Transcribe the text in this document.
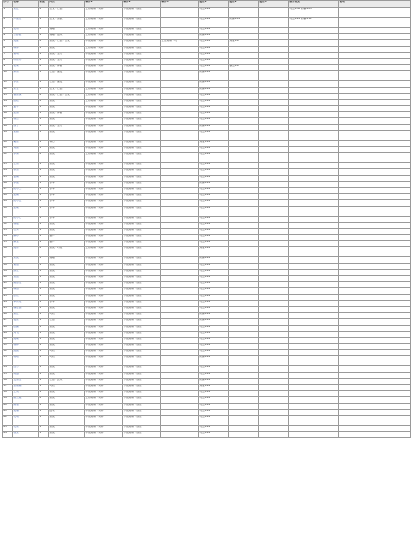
序号	名称	星级	阵营	羁绊1	羁绊2	羁绊3	属性1	属性2	属性3	额外效果	说明
1	宋江	2	忠义 · 仁德	上将同寨 · 对阵	下级同寨 · 巡逻		攻击+24			攻击+50 防御+25	
2	卢俊义	1	忠义 · 勇武	上将同寨 · 对阵	下级同寨 · 巡逻		攻击+24	防御+12		攻击+22 防御+11	
3	吴用	2	谋略	上将同寨 · 对阵	下级同寨 · 巡逻		攻击+24				
4	公孙胜	1	谋略 · 法术	上将同寨 · 对阵	下级同寨 · 巡逻		防御+24				
5	关胜	2	勇武 · 仁德 · 忠义	中级同寨 · 对阵	下级同寨 · 巡逻	上位同寨 · 攻	攻击+24	速度+6			
6	林冲	1	勇武	上将同寨 · 对阵	下级同寨 · 巡逻		攻击+24				
7	秦明	1	勇武 · 坚守	中级同寨 · 对阵	下级同寨 · 巡逻		攻击+24				
8	呼延灼	1	勇武 · 坚守	中级同寨 · 对阵	下级同寨 · 巡逻		攻击+24				
9	花荣	2	勇武 · 神射	中级同寨 · 对阵	下级同寨 · 巡逻		攻击+24	暴击+6			
10	柴进	1	仁德 · 富贵	中级同寨 · 对阵	下级同寨 · 巡逻		防御+24				
11	李应	1	仁德 · 富贵	中级同寨 · 对阵	下级同寨 · 巡逻		防御+24				
12	朱仝	1	忠义 · 仁德	上将同寨 · 对阵	下级同寨 · 巡逻		防御+24				
13	鲁智深	2	勇武 · 仁德 · 忠义	上将同寨 · 对阵	下级同寨 · 巡逻		攻击+24				
14	武松	2	勇武	上将同寨 · 对阵	下级同寨 · 巡逻		攻击+24				
15	董平	1	勇武	中级同寨 · 对阵	下级同寨 · 巡逻		攻击+24				
16	张清	1	勇武 · 神射	中级同寨 · 对阵	下级同寨 · 巡逻		攻击+24				
17	杨志	1	勇武	中级同寨 · 对阵	下级同寨 · 巡逻		攻击+24				
18	徐宁	1	勇武 · 坚守	中级同寨 · 对阵	下级同寨 · 巡逻		防御+24				
19	索超	1	勇武	中级同寨 · 对阵	下级同寨 · 巡逻		攻击+24				
20	戴宗	1	神行	中级同寨 · 对阵	下级同寨 · 巡逻		速度+24				
21	刘唐	1	勇武	中级同寨 · 对阵	下级同寨 · 巡逻		攻击+24				
22	李逵	2	勇武	上将同寨 · 对阵	下级同寨 · 巡逻		攻击+24				
23	史进	1	勇武	中级同寨 · 对阵	下级同寨 · 巡逻		攻击+24				
24	穆弘	1	勇武	中级同寨 · 对阵	下级同寨 · 巡逻		攻击+24				
25	雷横	1	勇武	中级同寨 · 对阵	下级同寨 · 巡逻		攻击+24				
26	李俊	1	水军	中级同寨 · 对阵	下级同寨 · 巡逻		防御+24				
27	阮小二	1	水军	中级同寨 · 对阵	下级同寨 · 巡逻		攻击+24				
28	张横	1	水军	中级同寨 · 对阵	下级同寨 · 巡逻		攻击+24				
29	阮小五	1	水军	中级同寨 · 对阵	下级同寨 · 巡逻		攻击+24				
30	张顺	1	水军	中级同寨 · 对阵	下级同寨 · 巡逻		攻击+24				
31	阮小七	1	水军	中级同寨 · 对阵	下级同寨 · 巡逻		攻击+24				
32	杨雄	1	勇武	中级同寨 · 对阵	下级同寨 · 巡逻		攻击+24				
33	石秀	1	勇武	中级同寨 · 对阵	下级同寨 · 巡逻		攻击+24				
34	解珍	1	猎户	中级同寨 · 对阵	下级同寨 · 巡逻		攻击+24				
35	解宝	1	猎户	中级同寨 · 对阵	下级同寨 · 巡逻		攻击+24				
36	燕青	2	勇武 · 巧技	上将同寨 · 对阵	下级同寨 · 巡逻		速度+24				
37	朱武	1	谋略	中级同寨 · 对阵	下级同寨 · 巡逻		防御+24				
38	黄信	1	勇武	中级同寨 · 对阵	下级同寨 · 巡逻		攻击+24				
39	孙立	1	勇武	中级同寨 · 对阵	下级同寨 · 巡逻		攻击+24				
40	宣赞	1	勇武	中级同寨 · 对阵	下级同寨 · 巡逻		攻击+24				
41	郝思文	1	勇武	中级同寨 · 对阵	下级同寨 · 巡逻		攻击+24				
42	韩滔	1	勇武	中级同寨 · 对阵	下级同寨 · 巡逻		攻击+24				
43	彭玘	1	勇武	中级同寨 · 对阵	下级同寨 · 巡逻		攻击+24				
44	单廷珪	1	水军	中级同寨 · 对阵	下级同寨 · 巡逻		攻击+24				
45	魏定国	1	勇武	中级同寨 · 对阵	下级同寨 · 巡逻		攻击+24				
46	萧让	1	巧技	中级同寨 · 对阵	下级同寨 · 巡逻		防御+24				
47	裴宣	1	仁德	中级同寨 · 对阵	下级同寨 · 巡逻		防御+24				
48	欧鹏	1	勇武	中级同寨 · 对阵	下级同寨 · 巡逻		攻击+24				
49	邓飞	1	勇武	中级同寨 · 对阵	下级同寨 · 巡逻		攻击+24				
50	燕顺	1	勇武	中级同寨 · 对阵	下级同寨 · 巡逻		攻击+24				
51	杨林	1	勇武	中级同寨 · 对阵	下级同寨 · 巡逻		攻击+24				
52	凌振	1	巧技	中级同寨 · 对阵	下级同寨 · 巡逻		攻击+24				
53	蒋敬	1	巧技	中级同寨 · 对阵	下级同寨 · 巡逻		防御+24				
54	吕方	1	勇武	中级同寨 · 对阵	下级同寨 · 巡逻		攻击+24				
55	郭盛	1	勇武	中级同寨 · 对阵	下级同寨 · 巡逻		攻击+24				
56	安道全	1	仁德 · 医术	中级同寨 · 对阵	下级同寨 · 巡逻		防御+24				
57	皇甫端	1	巧技	中级同寨 · 对阵	下级同寨 · 巡逻		速度+24				
58	王英	1	勇武	中级同寨 · 对阵	下级同寨 · 巡逻		攻击+24				
59	扈三娘	2	勇武	上将同寨 · 对阵	下级同寨 · 巡逻		攻击+24				
60	鲍旭	1	勇武	中级同寨 · 对阵	下级同寨 · 巡逻		攻击+24				
61	樊瑞	1	法术	中级同寨 · 对阵	下级同寨 · 巡逻		攻击+24				
62	孔明	1	勇武	中级同寨 · 对阵	下级同寨 · 巡逻		攻击+24				
63	孔亮	1	勇武	中级同寨 · 对阵	下级同寨 · 巡逻		攻击+24				
64	项充	1	勇武	中级同寨 · 对阵	下级同寨 · 巡逻		攻击+24				
